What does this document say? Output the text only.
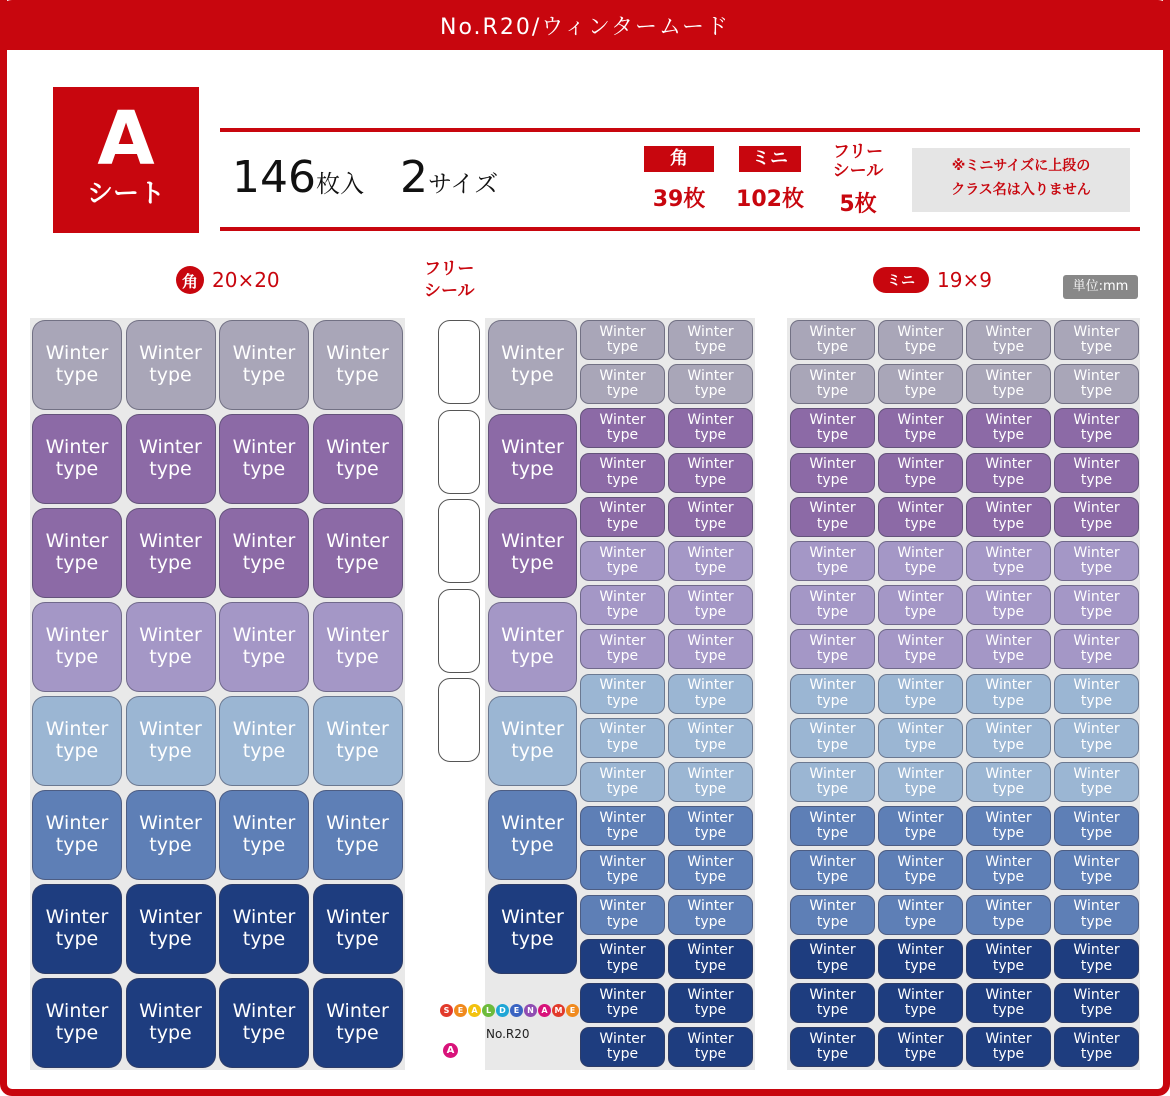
No.R20/ウィンタームード
A
シート	146枚入 2サイズ
角
39枚
ミニ
102枚
フリー
シール
5枚
※ミニサイズに上段の
クラス名は入りません
角 20×20	フリー
シール	ミニ	19×9	単位:mm
Winter
type
Winter
type
Winter
type
Winter
type
Winter
type
Winter
type
Winter
type
Winter
type
Winter
type
Winter
type
Winter
type
Winter
type
Winter
type
Winter
type
Winter
type
Winter
type
Winter
type
Winter
type
Winter
type
Winter
type
Winter
type
Winter
type
Winter
type
Winter
type
Winter
type
Winter
type
Winter
type
Winter
type
Winter
type
Winter
type
Winter
type
Winter
type
Winter
type
Winter
type
Winter
type
Winter
type
Winter
type
Winter
type
Winter
type
Winter
type
Winter
type
Winter
type
Winter
type
Winter
type
Winter
type
Winter
type
Winter
type
Winter
type
Winter
type
Winter
type
Winter
type
Winter
type
Winter
type
Winter
type
Winter
type
Winter
type
Winter
type
Winter
type
Winter
type
Winter
type
Winter
type
Winter
type
Winter
type
Winter
type
Winter
type
Winter
type
Winter
type
Winter
type
Winter
type
Winter
type
Winter
type
Winter
type
Winter
type
Winter
type
Winter
type
Winter
type
Winter
type
Winter
type
Winter
type
Winter
type
Winter
type
Winter
type
Winter
type
Winter
type
Winter
type
Winter
type
Winter
type
Winter
type
Winter
type
Winter
type
Winter
type
Winter
type
Winter
type
Winter
type
Winter
type
Winter
type
Winter
type
Winter
type
Winter
type
Winter
type
Winter
type
Winter
type
Winter
type
Winter
type
Winter
type
Winter
type
Winter
type
Winter
type
Winter
type
Winter
type
Winter
type
Winter
type
Winter
type
Winter
type
Winter
type
Winter
type
Winter
type
Winter
type
Winter
type
Winter
type
Winter
type
Winter
type
Winter
type
Winter
type
Winter
type
Winter
type
Winter
type
Winter
type
Winter
type
Winter
type
Winter
type
Winter
type
Winter
type
Winter
type
Winter
type
Winter
type
Winter
type
Winter
type
Winter
type
Winter
type
Winter
type
S	E	A	L	D E N A M E
No.R20
A
